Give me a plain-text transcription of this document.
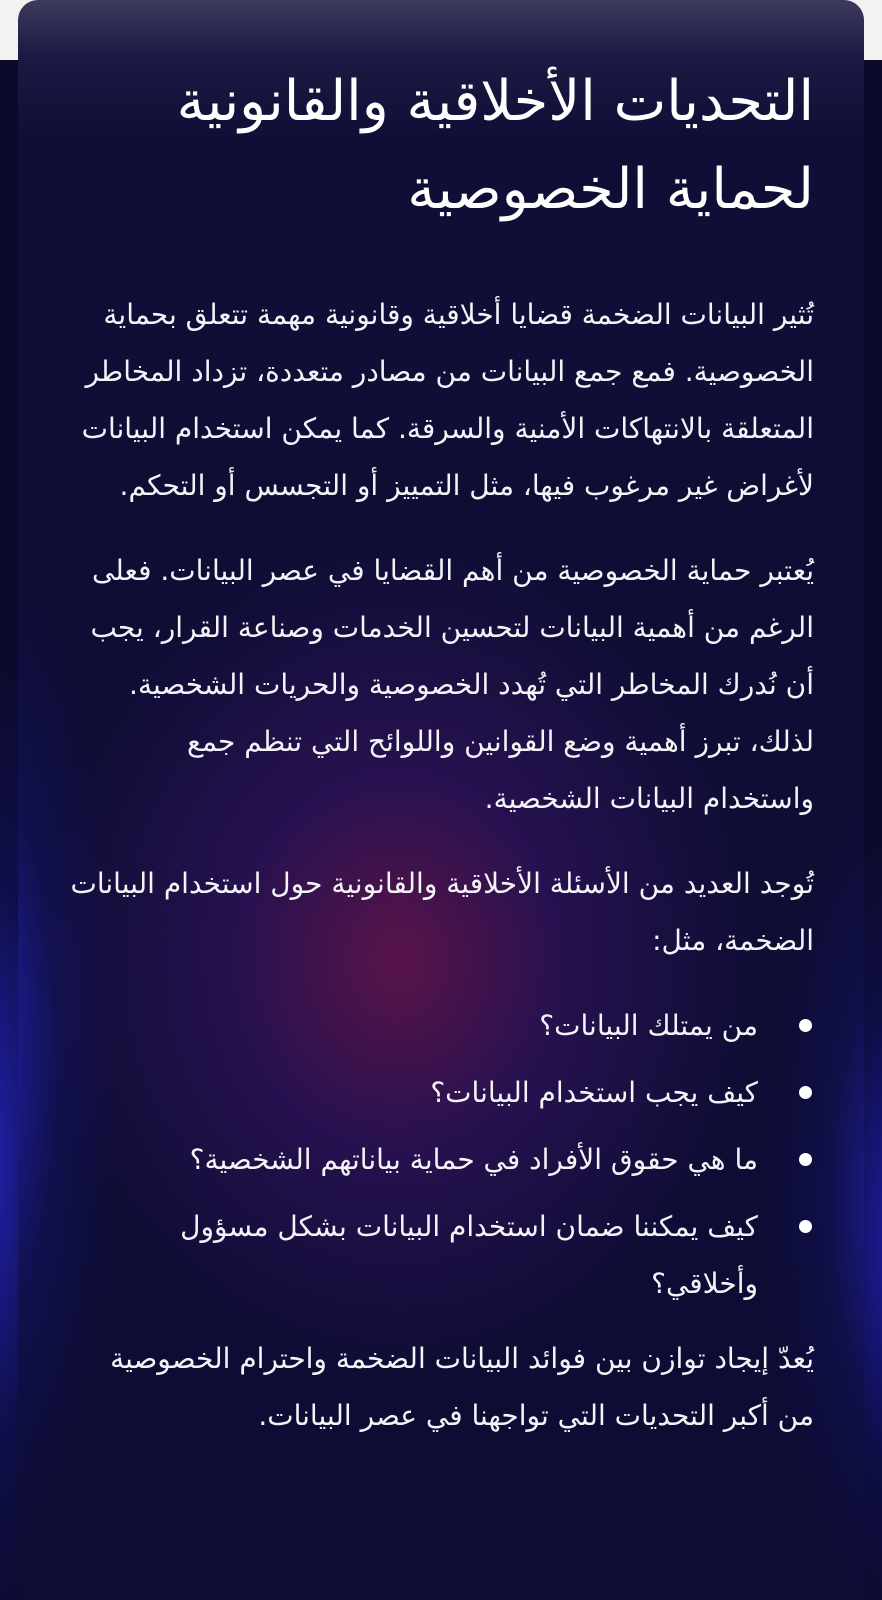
التحديات الأخلاقية والقانونية لحماية الخصوصية

تُثير البيانات الضخمة قضايا أخلاقية وقانونية مهمة تتعلق بحماية الخصوصية. فمع جمع البيانات من مصادر متعددة، تزداد المخاطر المتعلقة بالانتهاكات الأمنية والسرقة. كما يمكن استخدام البيانات لأغراض غير مرغوب فيها، مثل التمييز أو التجسس أو التحكم.

يُعتبر حماية الخصوصية من أهم القضايا في عصر البيانات. فعلى الرغم من أهمية البيانات لتحسين الخدمات وصناعة القرار، يجب أن نُدرك المخاطر التي تُهدد الخصوصية والحريات الشخصية. لذلك، تبرز أهمية وضع القوانين واللوائح التي تنظم جمع واستخدام البيانات الشخصية.

تُوجد العديد من الأسئلة الأخلاقية والقانونية حول استخدام البيانات الضخمة، مثل:

من يمتلك البيانات؟
كيف يجب استخدام البيانات؟
ما هي حقوق الأفراد في حماية بياناتهم الشخصية؟
كيف يمكننا ضمان استخدام البيانات بشكل مسؤول وأخلاقي؟

يُعدّ إيجاد توازن بين فوائد البيانات الضخمة واحترام الخصوصية من أكبر التحديات التي تواجهنا في عصر البيانات.
